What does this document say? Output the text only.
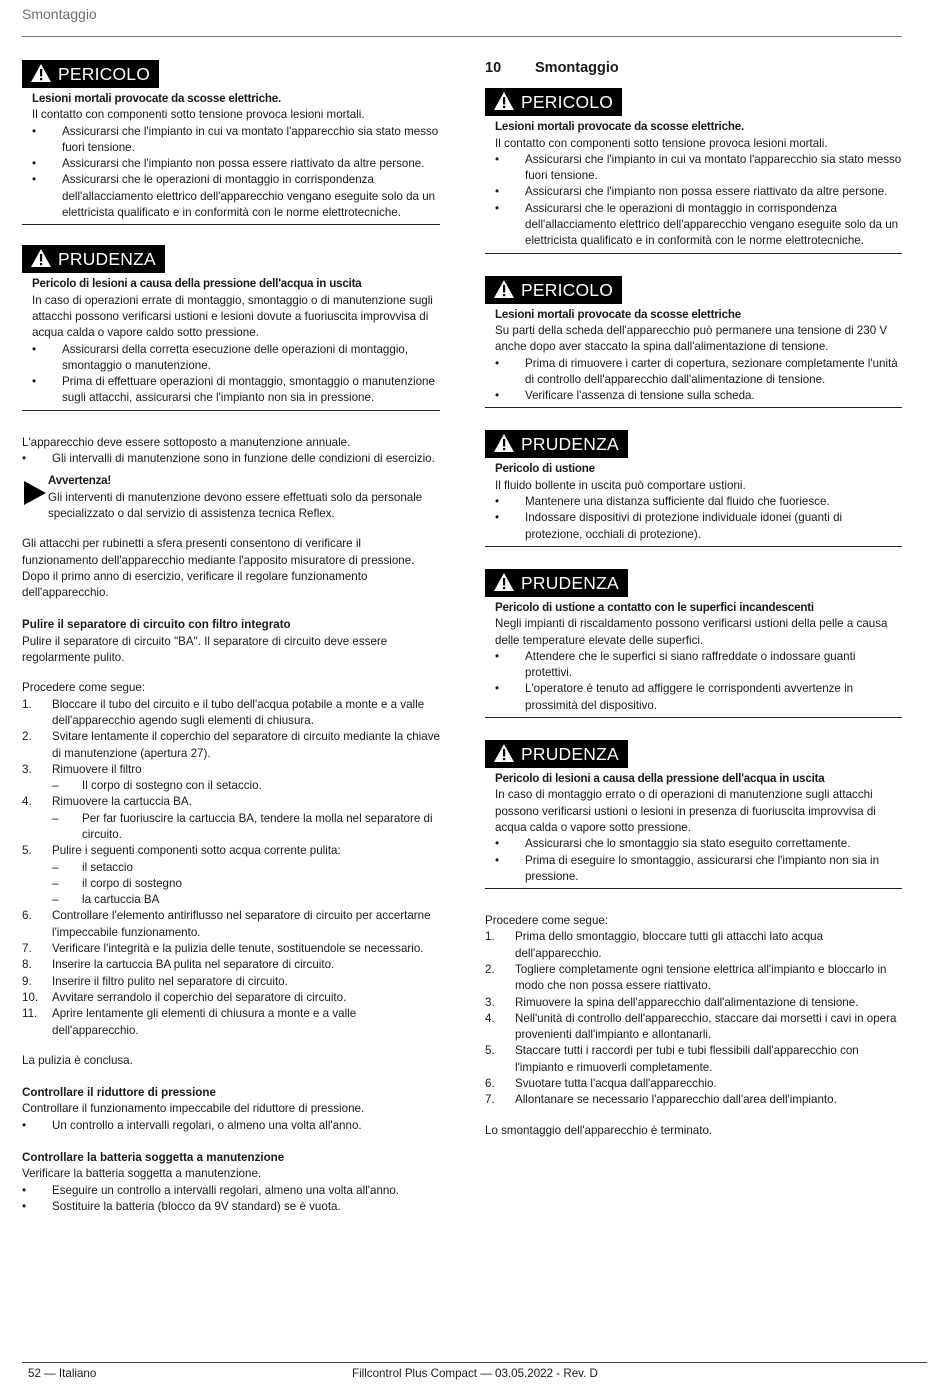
Smontaggio
PERICOLO
Lesioni mortali provocate da scosse elettriche.
Il contatto con componenti sotto tensione provoca lesioni mortali.
•	Assicurarsi che l'impianto in cui va montato l'apparecchio sia stato messo fuori tensione.
•	Assicurarsi che l'impianto non possa essere riattivato da altre persone.
•	Assicurarsi che le operazioni di montaggio in corrispondenza dell'allacciamento elettrico dell'apparecchio vengano eseguite solo da un elettricista qualificato e in conformità con le norme elettrotecniche.
PRUDENZA
Pericolo di lesioni a causa della pressione dell'acqua in uscita
In caso di operazioni errate di montaggio, smontaggio o di manutenzione sugli attacchi possono verificarsi ustioni e lesioni dovute a fuoriuscita improvvisa di acqua calda o vapore caldo sotto pressione.
•	Assicurarsi della corretta esecuzione delle operazioni di montaggio, smontaggio o manutenzione.
•	Prima di effettuare operazioni di montaggio, smontaggio o manutenzione sugli attacchi, assicurarsi che l'impianto non sia in pressione.
L'apparecchio deve essere sottoposto a manutenzione annuale.
•	Gli intervalli di manutenzione sono in funzione delle condizioni di esercizio.
Avvertenza!
Gli interventi di manutenzione devono essere effettuati solo da personale specializzato o dal servizio di assistenza tecnica Reflex.
Gli attacchi per rubinetti a sfera presenti consentono di verificare il funzionamento dell'apparecchio mediante l'apposito misuratore di pressione. Dopo il primo anno di esercizio, verificare il regolare funzionamento dell'apparecchio.
Pulire il separatore di circuito con filtro integrato
Pulire il separatore di circuito "BA". Il separatore di circuito deve essere regolarmente pulito.
Procedere come segue:
1.	Bloccare il tubo del circuito e il tubo dell'acqua potabile a monte e a valle dell'apparecchio agendo sugli elementi di chiusura.
2.	Svitare lentamente il coperchio del separatore di circuito mediante la chiave di manutenzione (apertura 27).
3.	Rimuovere il filtro
–	Il corpo di sostegno con il setaccio.
4.	Rimuovere la cartuccia BA.
–	Per far fuoriuscire la cartuccia BA, tendere la molla nel separatore di circuito.
5.	Pulire i seguenti componenti sotto acqua corrente pulita:
–	il setaccio
–	il corpo di sostegno
–	la cartuccia BA
6.	Controllare l'elemento antiriflusso nel separatore di circuito per accertarne l'impeccabile funzionamento.
7.	Verificare l'integrità e la pulizia delle tenute, sostituendole se necessario.
8.	Inserire la cartuccia BA pulita nel separatore di circuito.
9.	Inserire il filtro pulito nel separatore di circuito.
10.	Avvitare serrandolo il coperchio del separatore di circuito.
11.	Aprire lentamente gli elementi di chiusura a monte e a valle dell'apparecchio.
La pulizia è conclusa.
Controllare il riduttore di pressione
Controllare il funzionamento impeccabile del riduttore di pressione.
•	Un controllo a intervalli regolari, o almeno una volta all'anno.
Controllare la batteria soggetta a manutenzione
Verificare la batteria soggetta a manutenzione.
•	Eseguire un controllo a intervalli regolari, almeno una volta all'anno.
•	Sostituire la batteria (blocco da 9V standard) se è vuota.
10	Smontaggio
PERICOLO
Lesioni mortali provocate da scosse elettriche.
Il contatto con componenti sotto tensione provoca lesioni mortali.
•	Assicurarsi che l'impianto in cui va montato l'apparecchio sia stato messo fuori tensione.
•	Assicurarsi che l'impianto non possa essere riattivato da altre persone.
•	Assicurarsi che le operazioni di montaggio in corrispondenza dell'allacciamento elettrico dell'apparecchio vengano eseguite solo da un elettricista qualificato e in conformità con le norme elettrotecniche.
PERICOLO
Lesioni mortali provocate da scosse elettriche
Su parti della scheda dell'apparecchio può permanere una tensione di 230 V anche dopo aver staccato la spina dall'alimentazione di tensione.
•	Prima di rimuovere i carter di copertura, sezionare completamente l'unità di controllo dell'apparecchio dall'alimentazione di tensione.
•	Verificare l'assenza di tensione sulla scheda.
PRUDENZA
Pericolo di ustione
Il fluido bollente in uscita può comportare ustioni.
•	Mantenere una distanza sufficiente dal fluido che fuoriesce.
•	Indossare dispositivi di protezione individuale idonei (guanti di protezione, occhiali di protezione).
PRUDENZA
Pericolo di ustione a contatto con le superfici incandescenti
Negli impianti di riscaldamento possono verificarsi ustioni della pelle a causa delle temperature elevate delle superfici.
•	Attendere che le superfici si siano raffreddate o indossare guanti protettivi.
•	L'operatore è tenuto ad affiggere le corrispondenti avvertenze in prossimità del dispositivo.
PRUDENZA
Pericolo di lesioni a causa della pressione dell'acqua in uscita
In caso di montaggio errato o di operazioni di manutenzione sugli attacchi possono verificarsi ustioni o lesioni in presenza di fuoriuscita improvvisa di acqua calda o vapore sotto pressione.
•	Assicurarsi che lo smontaggio sia stato eseguito correttamente.
•	Prima di eseguire lo smontaggio, assicurarsi che l'impianto non sia in pressione.
Procedere come segue:
1.	Prima dello smontaggio, bloccare tutti gli attacchi lato acqua dell'apparecchio.
2.	Togliere completamente ogni tensione elettrica all'impianto e bloccarlo in modo che non possa essere riattivato.
3.	Rimuovere la spina dell'apparecchio dall'alimentazione di tensione.
4.	Nell'unità di controllo dell'apparecchio, staccare dai morsetti i cavi in opera provenienti dall'impianto e allontanarli.
5.	Staccare tutti i raccordi per tubi e tubi flessibili dall'apparecchio con l'impianto e rimuoverli completamente.
6.	Svuotare tutta l'acqua dall'apparecchio.
7.	Allontanare se necessario l'apparecchio dall'area dell'impianto.
Lo smontaggio dell'apparecchio è terminato.
52 — Italiano	Fillcontrol Plus Compact — 03.05.2022 - Rev. D
